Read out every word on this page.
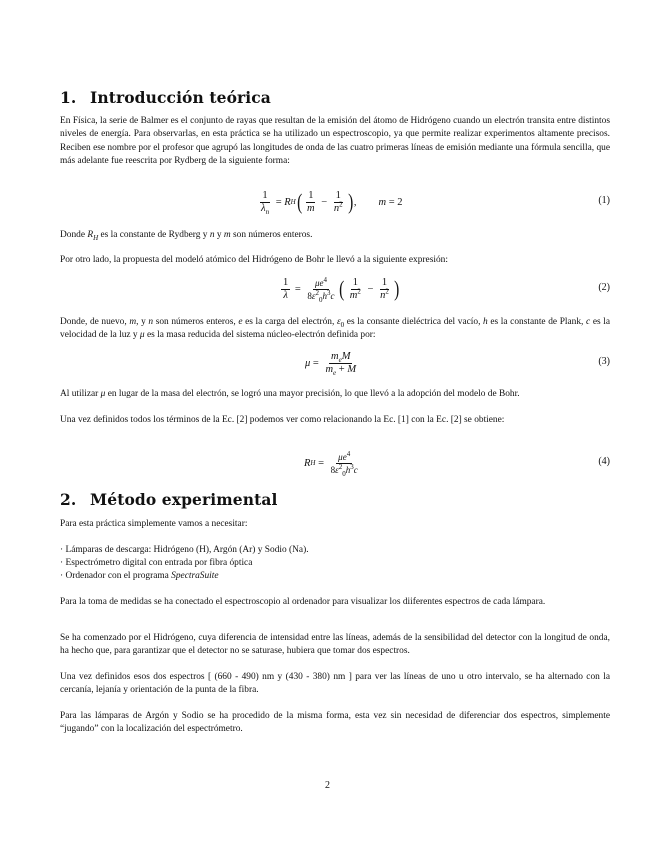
1. Introducción teórica

En Física, la serie de Balmer es el conjunto de rayas que resultan de la emisión del átomo de Hidrógeno cuando un electrón transita entre distintos niveles de energía. Para observarlas, en esta práctica se ha utilizado un espectroscopio, ya que permite realizar experimentos altamente precisos. Reciben ese nombre por el profesor que agrupó las longitudes de onda de las cuatro primeras líneas de emisión mediante una fórmula sencilla, que más adelante fue reescrita por Rydberg de la siguiente forma:

$\frac{1}{\lambda_n} = R$ H ( $\frac{1}{m} - \frac{1}{n^2}$ ) , m = 2	(1)

Donde $R_H$ es la constante de Rydberg y n y m son números enteros.

Por otro lado, la propuesta del modeló atómico del Hidrógeno de Bohr le llevó a la siguiente expresión:

$\frac{1}{\lambda} = \frac{\mu e^4}{8\varepsilon^2_0h^3c}$ ( $\frac{1}{m^2} - \frac{1}{n^2}$ )	(2)

Donde, de nuevo, m, y n son números enteros, e es la carga del electrón, $\varepsilon_0$ es la consante dieléctrica del vacío, h es la constante de Plank, c es la velocidad de la luz y μ es la masa reducida del sistema núcleo-electrón definida por:

$\mu = \frac{m_eM}{m_e + M}$	(3)

Al utilizar μ en lugar de la masa del electrón, se logró una mayor precisión, lo que llevó a la adopción del modelo de Bohr.

Una vez definidos todos los términos de la Ec. [2] podemos ver como relacionando la Ec. [1] con la Ec. [2] se obtiene:

R $H = \frac{\mu e^4}{8\varepsilon^2_0h^3c}$	(4)
2. Método experimental

Para esta práctica simplemente vamos a necesitar:

· Lámparas de descarga: Hidrógeno (H), Argón (Ar) y Sodio (Na).
· Espectrómetro digital con entrada por fibra óptica
· Ordenador con el programa SpectraSuite

Para la toma de medidas se ha conectado el espectroscopio al ordenador para visualizar los diiferentes espectros de cada lámpara.

Se ha comenzado por el Hidrógeno, cuya diferencia de intensidad entre las líneas, además de la sensibilidad del detector con la longitud de onda, ha hecho que, para garantizar que el detector no se saturase, hubiera que tomar dos espectros.

Una vez definidos esos dos espectros [ (660 - 490) nm y (430 - 380) nm ] para ver las líneas de uno u otro intervalo, se ha alternado con la cercanía, lejanía y orientación de la punta de la fibra.

Para las lámparas de Argón y Sodio se ha procedido de la misma forma, esta vez sin necesidad de diferenciar dos espectros, simplemente “jugando” con la localización del espectrómetro.

2
